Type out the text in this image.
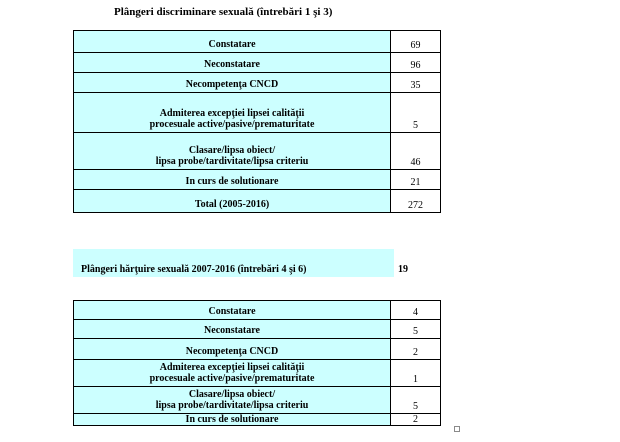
Plângeri discriminare sexuală (întrebări 1 şi 3)
Constatare	69
Neconstatare	96
Necompetenţa CNCD	35
Admiterea excepţiei lipsei calităţii
procesuale active/pasive/prematuritate	5
Clasare/lipsa obiect/
lipsa probe/tardivitate/lipsa criteriu	46
In curs de solutionare	21
Total (2005-2016)	272
Plângeri hărţuire sexuală 2007-2016 (întrebări 4 şi 6)	19
Constatare	4
Neconstatare	5
Necompetenţa CNCD	2
Admiterea excepţiei lipsei calităţii
procesuale active/pasive/prematuritate	1
Clasare/lipsa obiect/
lipsa probe/tardivitate/lipsa criteriu	5
In curs de solutionare	2
